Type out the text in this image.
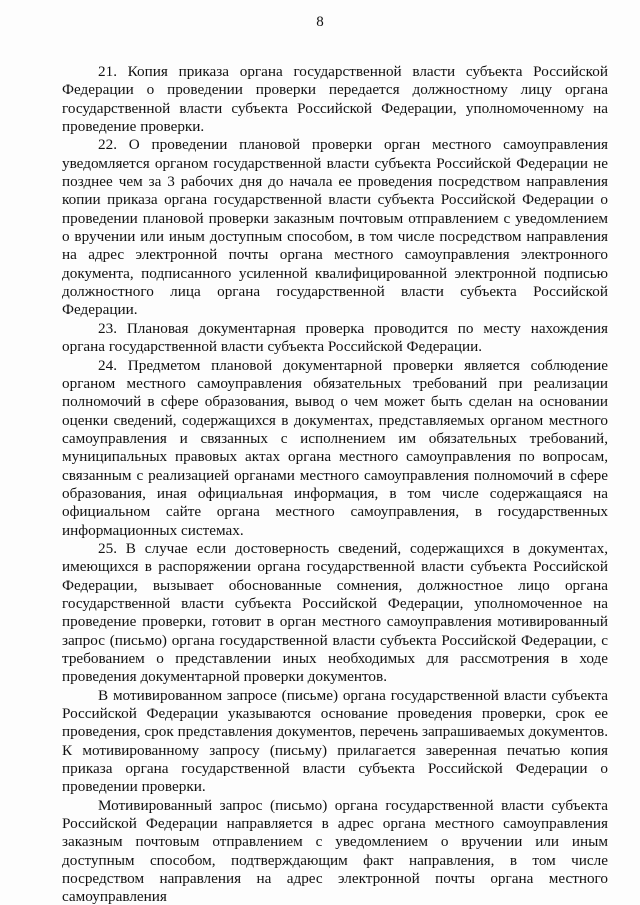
8

21. Копия приказа органа государственной власти субъекта Российской Федерации о проведении проверки передается должностному лицу органа государственной власти субъекта Российской Федерации, уполномоченному на проведение проверки.

22. О проведении плановой проверки орган местного самоуправления уведомляется органом государственной власти субъекта Российской Федерации не позднее чем за 3 рабочих дня до начала ее проведения посредством направления копии приказа органа государственной власти субъекта Российской Федерации о проведении плановой проверки заказным почтовым отправлением с уведомлением о вручении или иным доступным способом, в том числе посредством направления на адрес электронной почты органа местного самоуправления электронного документа, подписанного усиленной квалифицированной электронной подписью должностного лица органа государственной власти субъекта Российской Федерации.

23. Плановая документарная проверка проводится по месту нахождения органа государственной власти субъекта Российской Федерации.

24. Предметом плановой документарной проверки является соблюдение органом местного самоуправления обязательных требований при реализации полномочий в сфере образования, вывод о чем может быть сделан на основании оценки сведений, содержащихся в документах, представляемых органом местного самоуправления и связанных с исполнением им обязательных требований, муниципальных правовых актах органа местного самоуправления по вопросам, связанным с реализацией органами местного самоуправления полномочий в сфере образования, иная официальная информация, в том числе содержащаяся на официальном сайте органа местного самоуправления, в государственных информационных системах.

25. В случае если достоверность сведений, содержащихся в документах, имеющихся в распоряжении органа государственной власти субъекта Российской Федерации, вызывает обоснованные сомнения, должностное лицо органа государственной власти субъекта Российской Федерации, уполномоченное на проведение проверки, готовит в орган местного самоуправления мотивированный запрос (письмо) органа государственной власти субъекта Российской Федерации, с требованием о представлении иных необходимых для рассмотрения в ходе проведения документарной проверки документов.

В мотивированном запросе (письме) органа государственной власти субъекта Российской Федерации указываются основание проведения проверки, срок ее проведения, срок представления документов, перечень запрашиваемых документов. К мотивированному запросу (письму) прилагается заверенная печатью копия приказа органа государственной власти субъекта Российской Федерации о проведении проверки.

Мотивированный запрос (письмо) органа государственной власти субъекта Российской Федерации направляется в адрес органа местного самоуправления заказным почтовым отправлением с уведомлением о вручении или иным доступным способом, подтверждающим факт направления, в том числе посредством направления на адрес электронной почты органа местного самоуправления
